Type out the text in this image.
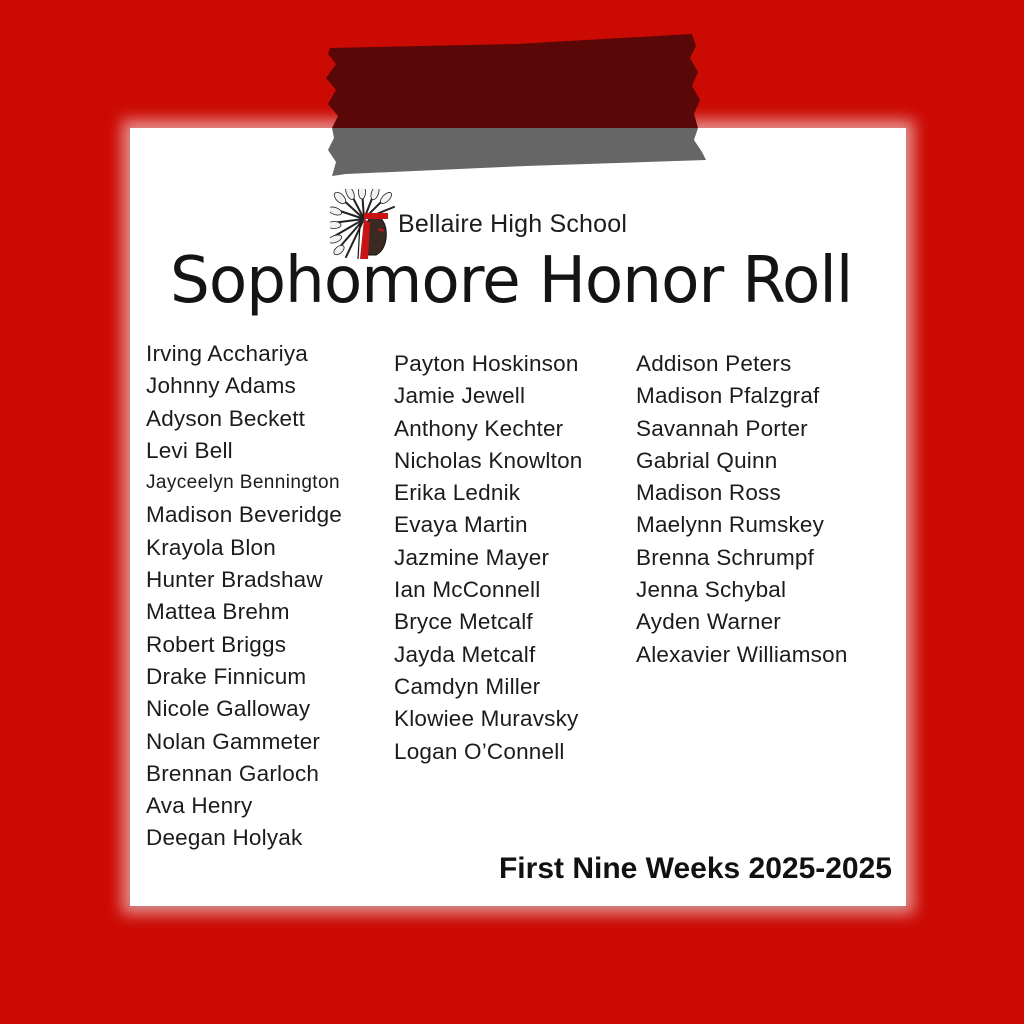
Bellaire High School
Sophomore Honor Roll
Irving Acchariya
Johnny Adams
Adyson Beckett
Levi Bell
Jayceelyn Bennington
Madison Beveridge
Krayola Blon
Hunter Bradshaw
Mattea Brehm
Robert Briggs
Drake Finnicum
Nicole Galloway
Nolan Gammeter
Brennan Garloch
Ava Henry
Deegan Holyak
Payton Hoskinson
Jamie Jewell
Anthony Kechter
Nicholas Knowlton
Erika Lednik
Evaya Martin
Jazmine Mayer
Ian McConnell
Bryce Metcalf
Jayda Metcalf
Camdyn Miller
Klowiee Muravsky
Logan O’Connell
Addison Peters
Madison Pfalzgraf
Savannah Porter
Gabrial Quinn
Madison Ross
Maelynn Rumskey
Brenna Schrumpf
Jenna Schybal
Ayden Warner
Alexavier Williamson
First Nine Weeks 2025-2025
